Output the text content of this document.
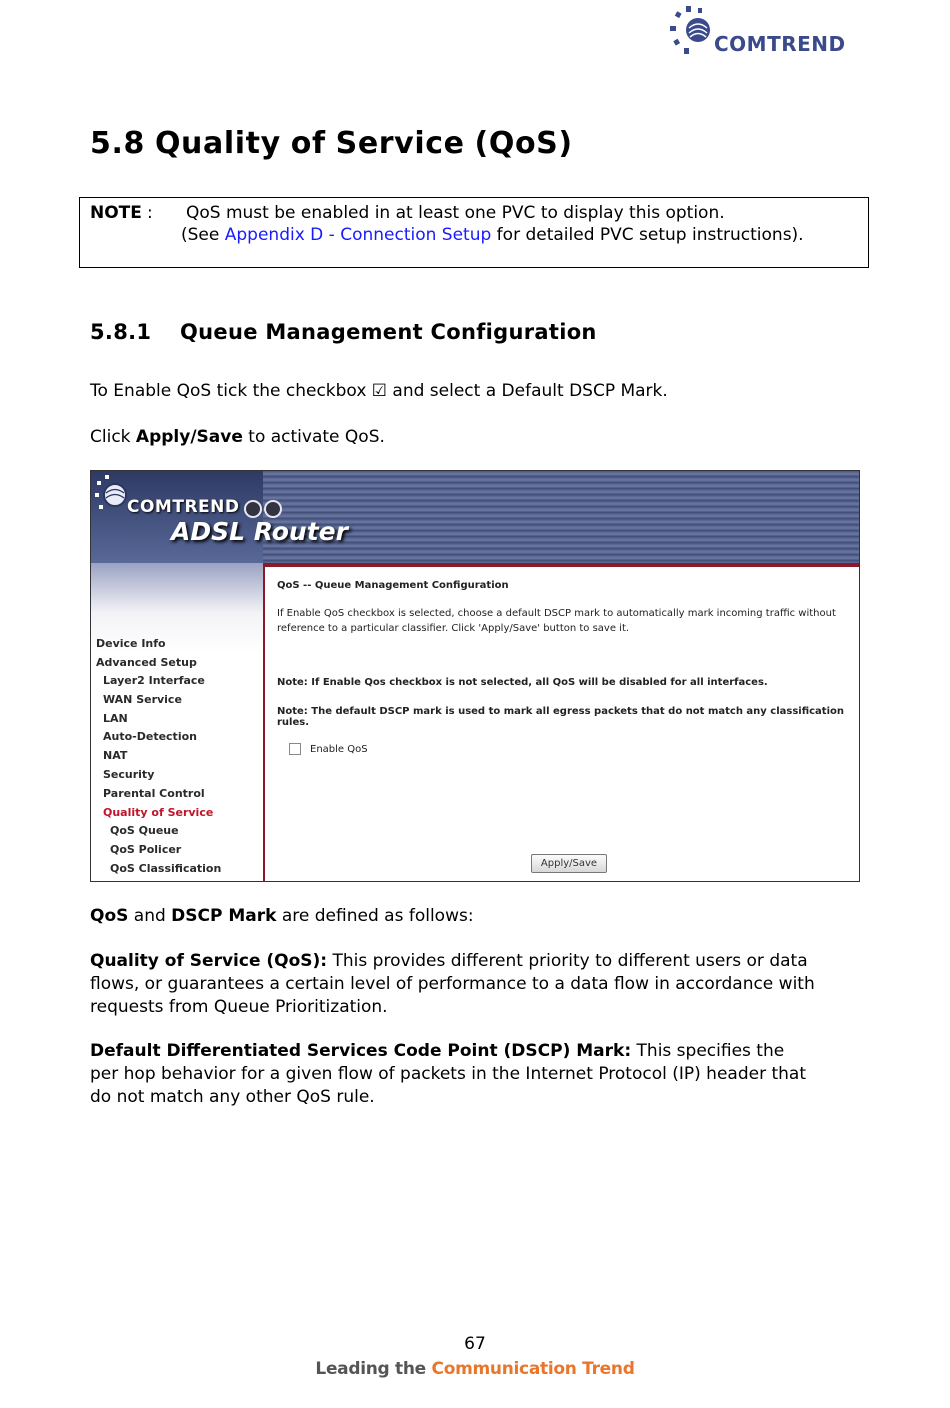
COMTREND
5.8 Quality of Service (QoS)
NOTE : QoS must be enabled in at least one PVC to display this option.
(See Appendix D - Connection Setup for detailed PVC setup instructions).
5.8.1 Queue Management Configuration
To Enable QoS tick the checkbox ☑ and select a Default DSCP Mark.
Click Apply/Save to activate QoS.
COMTREND
ADSL Router
Device Info
Advanced Setup
Layer2 Interface
WAN Service
LAN
Auto-Detection
NAT
Security
Parental Control
Quality of Service
QoS Queue
QoS Policer
QoS Classification
QoS -- Queue Management Configuration
If Enable QoS checkbox is selected, choose a default DSCP mark to automatically mark incoming traffic without
reference to a particular classifier. Click 'Apply/Save' button to save it.
Note: If Enable Qos checkbox is not selected, all QoS will be disabled for all interfaces.
Note: The default DSCP mark is used to mark all egress packets that do not match any classification rules.
Enable QoS
Apply/Save
QoS and DSCP Mark are defined as follows:
Quality of Service (QoS): This provides different priority to different users or data
flows, or guarantees a certain level of performance to a data flow in accordance with
requests from Queue Prioritization.
Default Differentiated Services Code Point (DSCP) Mark: This specifies the
per hop behavior for a given flow of packets in the Internet Protocol (IP) header that
do not match any other QoS rule.
67
Leading the Communication Trend
